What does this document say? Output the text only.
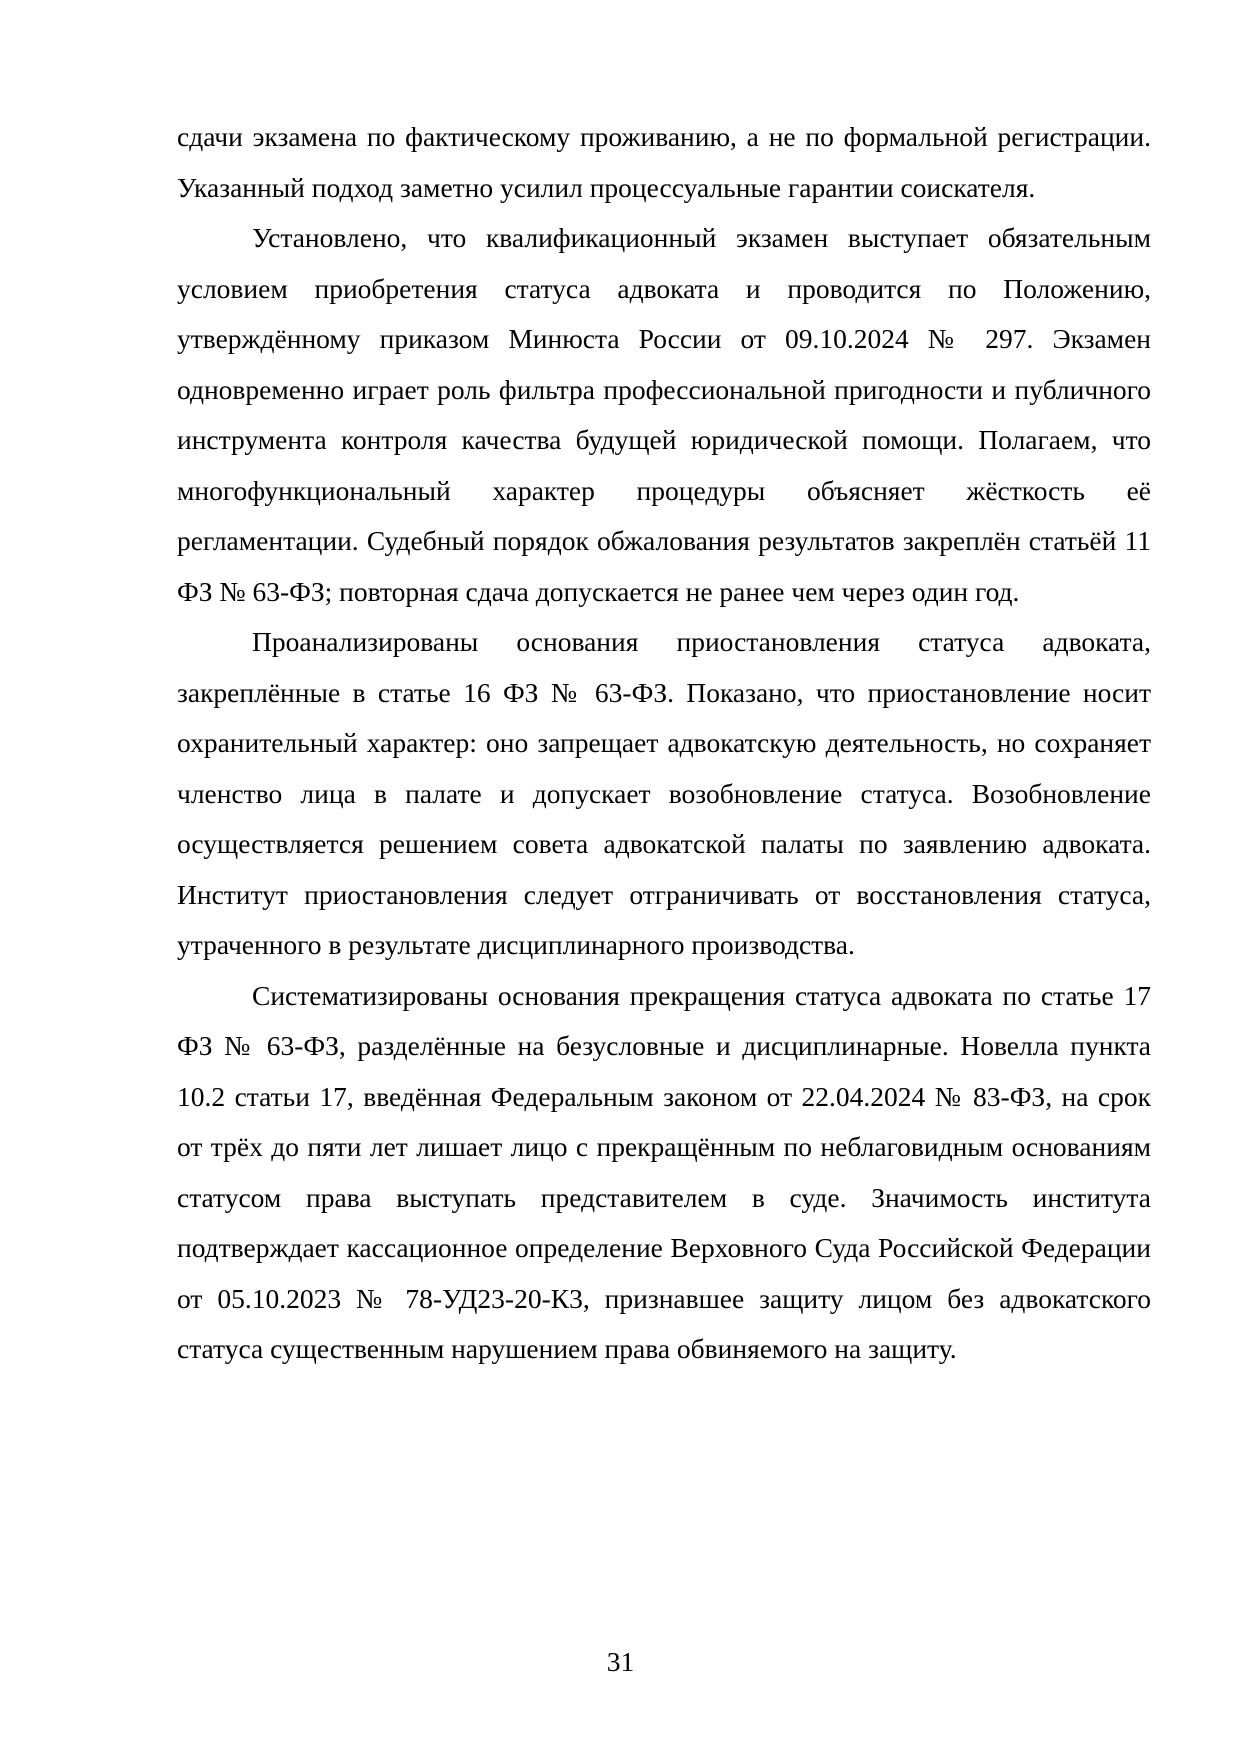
сдачи экзамена по фактическому проживанию, а не по формальной регистрации. Указанный подход заметно усилил процессуальные гарантии соискателя.

Установлено, что квалификационный экзамен выступает обязательным условием приобретения статуса адвоката и проводится по Положению, утверждённому приказом Минюста России от 09.10.2024 № 297. Экзамен одновременно играет роль фильтра профессиональной пригодности и публичного инструмента контроля качества будущей юридической помощи. Полагаем, что многофункциональный характер процедуры объясняет жёсткость её регламентации. Судебный порядок обжалования результатов закреплён статьёй 11 ФЗ № 63-ФЗ; повторная сдача допускается не ранее чем через один год.

Проанализированы основания приостановления статуса адвоката, закреплённые в статье 16 ФЗ № 63-ФЗ. Показано, что приостановление носит охранительный характер: оно запрещает адвокатскую деятельность, но сохраняет членство лица в палате и допускает возобновление статуса. Возобновление осуществляется решением совета адвокатской палаты по заявлению адвоката. Институт приостановления следует отграничивать от восстановления статуса, утраченного в результате дисциплинарного производства.

Систематизированы основания прекращения статуса адвоката по статье 17 ФЗ № 63-ФЗ, разделённые на безусловные и дисциплинарные. Новелла пункта 10.2 статьи 17, введённая Федеральным законом от 22.04.2024 № 83-ФЗ, на срок от трёх до пяти лет лишает лицо с прекращённым по неблаговидным основаниям статусом права выступать представителем в суде. Значимость института подтверждает кассационное определение Верховного Суда Российской Федерации от 05.10.2023 № 78-УД23-20-К3, признавшее защиту лицом без адвокатского статуса существенным нарушением права обвиняемого на защиту.

31
